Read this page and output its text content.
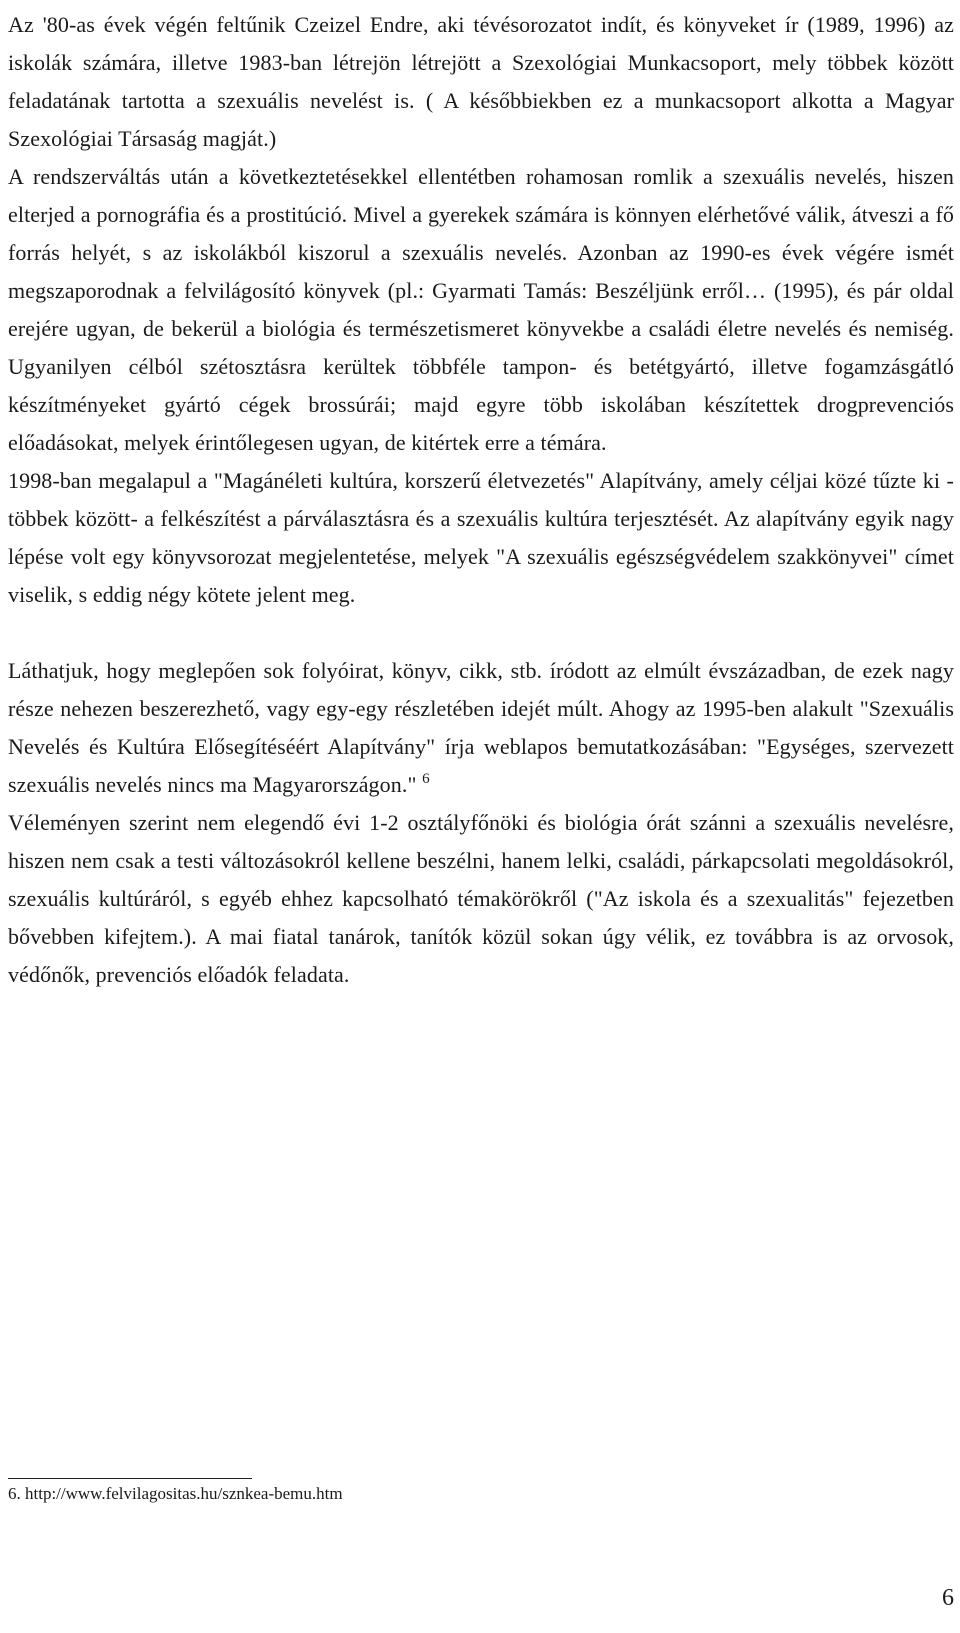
Az '80-as évek végén feltűnik Czeizel Endre, aki tévésorozatot indít, és könyveket ír (1989, 1996) az iskolák számára, illetve 1983-ban létrejön létrejött a Szexológiai Munkacsoport, mely többek között feladatának tartotta a szexuális nevelést is. ( A későbbiekben ez a munkacsoport alkotta a Magyar Szexológiai Társaság magját.)

A rendszerváltás után a következtetésekkel ellentétben rohamosan romlik a szexuális nevelés, hiszen elterjed a pornográfia és a prostitúció. Mivel a gyerekek számára is könnyen elérhetővé válik, átveszi a fő forrás helyét, s az iskolákból kiszorul a szexuális nevelés. Azonban az 1990-es évek végére ismét megszaporodnak a felvilágosító könyvek (pl.: Gyarmati Tamás: Beszéljünk erről… (1995), és pár oldal erejére ugyan, de bekerül a biológia és természetismeret könyvekbe a családi életre nevelés és nemiség. Ugyanilyen célból szétosztásra kerültek többféle tampon- és betétgyártó, illetve fogamzásgátló készítményeket gyártó cégek brossúrái; majd egyre több iskolában készítettek drogprevenciós előadásokat, melyek érintőlegesen ugyan, de kitértek erre a témára.

1998-ban megalapul a "Magánéleti kultúra, korszerű életvezetés" Alapítvány, amely céljai közé tűzte ki - többek között- a felkészítést a párválasztásra és a szexuális kultúra terjesztését. Az alapítvány egyik nagy lépése volt egy könyvsorozat megjelentetése, melyek "A szexuális egészségvédelem szakkönyvei" címet viselik, s eddig négy kötete jelent meg.

Láthatjuk, hogy meglepően sok folyóirat, könyv, cikk, stb. íródott az elmúlt évszázadban, de ezek nagy része nehezen beszerezhető, vagy egy-egy részletében idejét múlt. Ahogy az 1995-ben alakult "Szexuális Nevelés és Kultúra Elősegítéséért Alapítvány" írja weblapos bemutatkozásában: "Egységes, szervezett szexuális nevelés nincs ma Magyarországon." $^6$

Véleményen szerint nem elegendő évi 1-2 osztályfőnöki és biológia órát szánni a szexuális nevelésre, hiszen nem csak a testi változásokról kellene beszélni, hanem lelki, családi, párkapcsolati megoldásokról, szexuális kultúráról, s egyéb ehhez kapcsolható témakörökről ("Az iskola és a szexualitás" fejezetben bővebben kifejtem.). A mai fiatal tanárok, tanítók közül sokan úgy vélik, ez továbbra is az orvosok, védőnők, prevenciós előadók feladata.

6. http://www.felvilagositas.hu/sznkea-bemu.htm
6
